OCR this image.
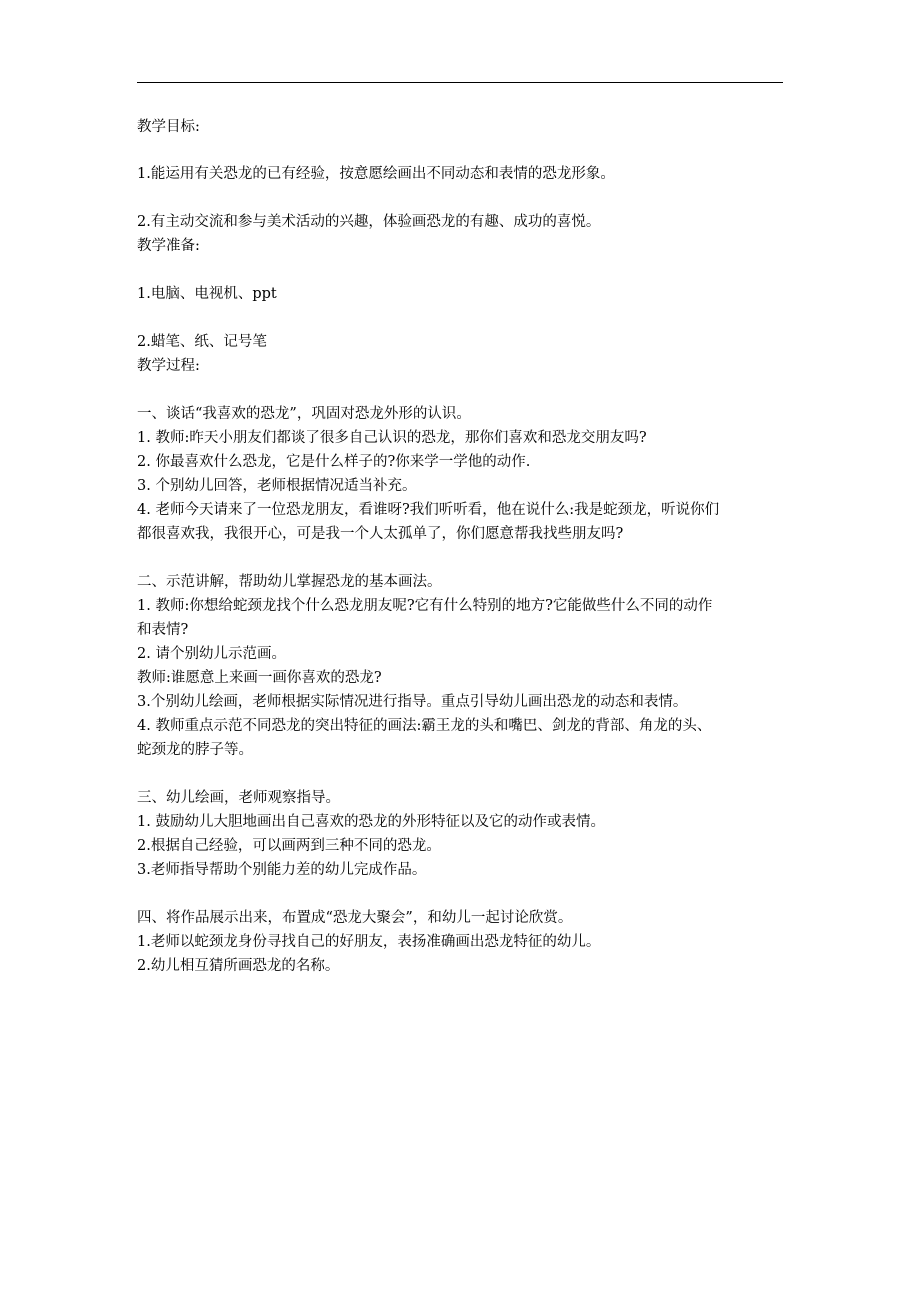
教学目标:
1.能运用有关恐龙的已有经验，按意愿绘画出不同动态和表情的恐龙形象。
2.有主动交流和参与美术活动的兴趣，体验画恐龙的有趣、成功的喜悦。
教学准备:
1.电脑、电视机、ppt
2.蜡笔、纸、记号笔
教学过程:
一、谈话“我喜欢的恐龙”，巩固对恐龙外形的认识。
1. 教师:昨天小朋友们都谈了很多自己认识的恐龙，那你们喜欢和恐龙交朋友吗?
2. 你最喜欢什么恐龙，它是什么样子的?你来学一学他的动作.
3. 个别幼儿回答，老师根据情况适当补充。
4. 老师今天请来了一位恐龙朋友，看谁呀?我们听听看，他在说什么:我是蛇颈龙，听说你们
都很喜欢我，我很开心，可是我一个人太孤单了，你们愿意帮我找些朋友吗?
二、示范讲解，帮助幼儿掌握恐龙的基本画法。
1. 教师:你想给蛇颈龙找个什么恐龙朋友呢?它有什么特别的地方?它能做些什么不同的动作
和表情?
2. 请个别幼儿示范画。
教师:谁愿意上来画一画你喜欢的恐龙?
3.个别幼儿绘画，老师根据实际情况进行指导。重点引导幼儿画出恐龙的动态和表情。
4. 教师重点示范不同恐龙的突出特征的画法:霸王龙的头和嘴巴、剑龙的背部、角龙的头、
蛇颈龙的脖子等。
三、幼儿绘画，老师观察指导。
1. 鼓励幼儿大胆地画出自己喜欢的恐龙的外形特征以及它的动作或表情。
2.根据自己经验，可以画两到三种不同的恐龙。
3.老师指导帮助个别能力差的幼儿完成作品。
四、将作品展示出来，布置成“恐龙大聚会”，和幼儿一起讨论欣赏。
1.老师以蛇颈龙身份寻找自己的好朋友，表扬准确画出恐龙特征的幼儿。
2.幼儿相互猜所画恐龙的名称。
